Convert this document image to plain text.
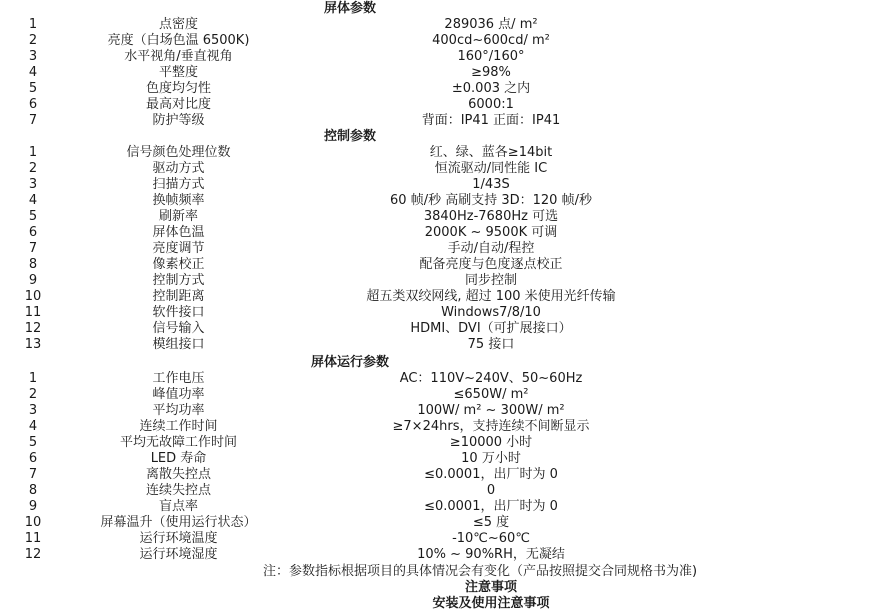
屏体参数
1	点密度	289036 点/ m²
2	亮度（白场色温 6500K)	400cd~600cd/ m²
3	水平视角/垂直视角	160°/160°
4	平整度	≥98%
5	色度均匀性	±0.003 之内
6	最高对比度	6000:1
7	防护等级	背面：IP41 正面：IP41
控制参数
1	信号颜色处理位数	红、绿、蓝各≥14bit
2	驱动方式	恒流驱动/同性能 IC
3	扫描方式	1/43S
4	换帧频率	60 帧/秒 高刷支持 3D：120 帧/秒
5	刷新率	3840Hz-7680Hz 可选
6	屏体色温	2000K ~ 9500K 可调
7	亮度调节	手动/自动/程控
8	像素校正	配备亮度与色度逐点校正
9	控制方式	同步控制
10	控制距离	超五类双绞网线, 超过 100 米使用光纤传输
11	软件接口	Windows7/8/10
12	信号输入	HDMI、DVI（可扩展接口）
13	模组接口	75 接口
屏体运行参数
1	工作电压	AC：110V~240V、50~60Hz
2	峰值功率	≤650W/ m²
3	平均功率	100W/ m² ~ 300W/ m²
4	连续工作时间	≥7×24hrs，支持连续不间断显示
5	平均无故障工作时间	≥10000 小时
6	LED 寿命	10 万小时
7	离散失控点	≤0.0001，出厂时为 0
8	连续失控点	0
9	盲点率	≤0.0001，出厂时为 0
10	屏幕温升（使用运行状态）	≤5 度
11	运行环境温度	-10℃~60℃
12	运行环境湿度	10% ~ 90%RH，无凝结
注：参数指标根据项目的具体情况会有变化（产品按照提交合同规格书为准)
注意事项
安装及使用注意事项
